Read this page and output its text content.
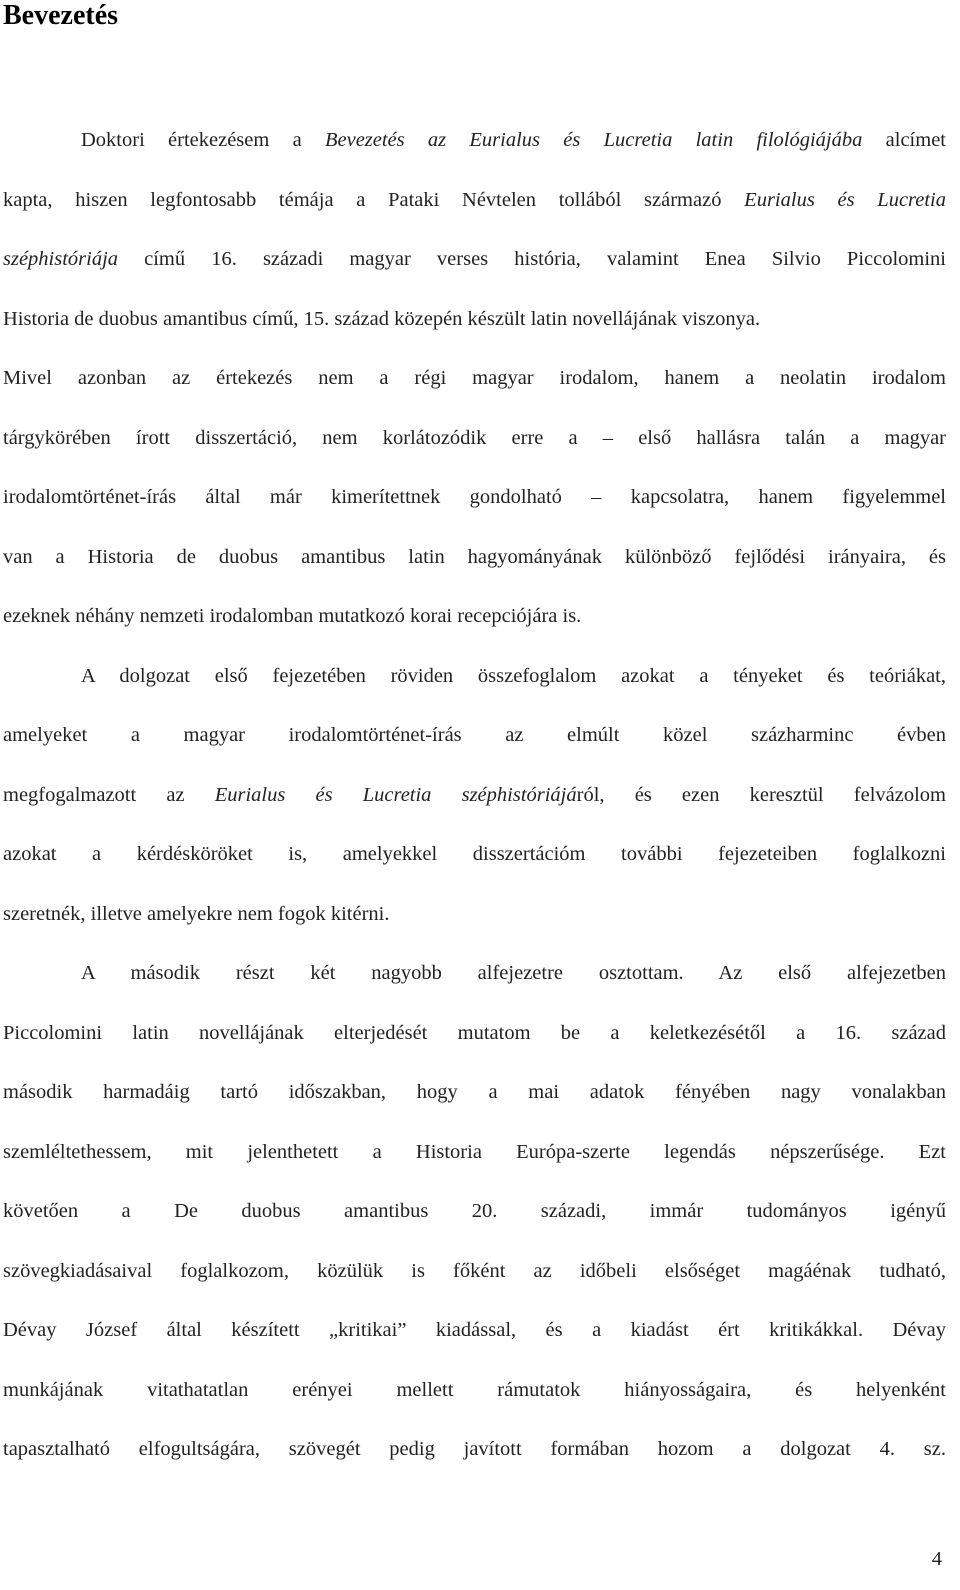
Bevezetés
Doktori értekezésem a Bevezetés az Eurialus és Lucretia latin filológiájába alcímet
kapta, hiszen legfontosabb témája a Pataki Névtelen tollából származó Eurialus és Lucretia
széphistóriája című 16. századi magyar verses história, valamint Enea Silvio Piccolomini
Historia de duobus amantibus című, 15. század közepén készült latin novellájának viszonya.
Mivel azonban az értekezés nem a régi magyar irodalom, hanem a neolatin irodalom
tárgykörében írott disszertáció, nem korlátozódik erre a – első hallásra talán a magyar
irodalomtörténet-írás által már kimerítettnek gondolható – kapcsolatra, hanem figyelemmel
van a Historia de duobus amantibus latin hagyományának különböző fejlődési irányaira, és
ezeknek néhány nemzeti irodalomban mutatkozó korai recepciójára is.
A dolgozat első fejezetében röviden összefoglalom azokat a tényeket és teóriákat,
amelyeket a magyar irodalomtörténet-írás az elmúlt közel százharminc évben
megfogalmazott az Eurialus és Lucretia széphistóriájáról, és ezen keresztül felvázolom
azokat a kérdésköröket is, amelyekkel disszertációm további fejezeteiben foglalkozni
szeretnék, illetve amelyekre nem fogok kitérni.
A második részt két nagyobb alfejezetre osztottam. Az első alfejezetben
Piccolomini latin novellájának elterjedését mutatom be a keletkezésétől a 16. század
második harmadáig tartó időszakban, hogy a mai adatok fényében nagy vonalakban
szemléltethessem, mit jelenthetett a Historia Európa-szerte legendás népszerűsége. Ezt
követően a De duobus amantibus 20. századi, immár tudományos igényű
szövegkiadásaival foglalkozom, közülük is főként az időbeli elsőséget magáénak tudható,
Dévay József által készített „kritikai” kiadással, és a kiadást ért kritikákkal. Dévay
munkájának vitathatatlan erényei mellett rámutatok hiányosságaira, és helyenként
tapasztalható elfogultságára, szövegét pedig javított formában hozom a dolgozat 4. sz.
4
